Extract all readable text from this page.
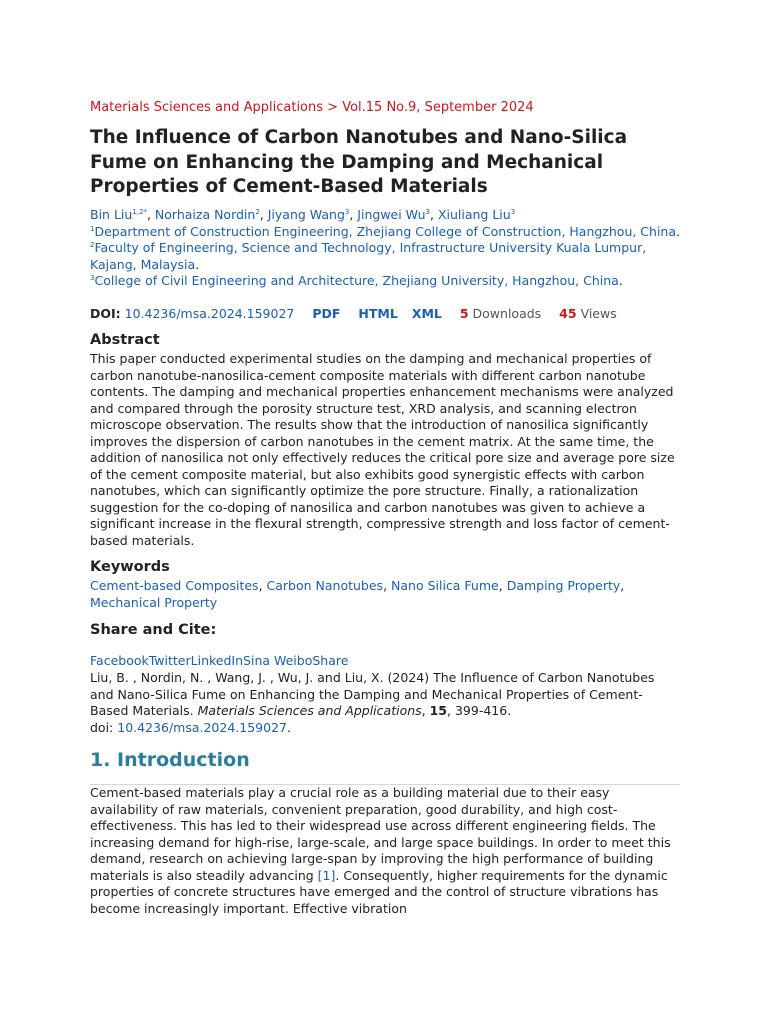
Materials Sciences and Applications > Vol.15 No.9, September 2024
The Influence of Carbon Nanotubes and Nano-Silica Fume on Enhancing the Damping and Mechanical Properties of Cement-Based Materials
Bin Liu$^{1,2*}$, Norhaiza Nordin$^2$, Jiyang Wang$^3$, Jingwei Wu$^3$, Xiuliang Liu$^3$
$^1$Department of Construction Engineering, Zhejiang College of Construction, Hangzhou, China.
$^2$Faculty of Engineering, Science and Technology, Infrastructure University Kuala Lumpur, Kajang, Malaysia.
$^3$College of Civil Engineering and Architecture, Zhejiang University, Hangzhou, China.
DOI: 10.4236/msa.2024.159027 PDF HTML XML 5 Downloads 45 Views
Abstract
This paper conducted experimental studies on the damping and mechanical properties of carbon nanotube-nanosilica-cement composite materials with different carbon nanotube contents. The damping and mechanical properties enhancement mechanisms were analyzed and compared through the porosity structure test, XRD analysis, and scanning electron microscope observation. The results show that the introduction of nanosilica significantly improves the dispersion of carbon nanotubes in the cement matrix. At the same time, the addition of nanosilica not only effectively reduces the critical pore size and average pore size of the cement composite material, but also exhibits good synergistic effects with carbon nanotubes, which can significantly optimize the pore structure. Finally, a rationalization suggestion for the co-doping of nanosilica and carbon nanotubes was given to achieve a significant increase in the flexural strength, compressive strength and loss factor of cement-based materials.
Keywords
Cement-based Composites, Carbon Nanotubes, Nano Silica Fume, Damping Property, Mechanical Property
Share and Cite:
FacebookTwitterLinkedInSina WeiboShare
Liu, B. , Nordin, N. , Wang, J. , Wu, J. and Liu, X. (2024) The Influence of Carbon Nanotubes and Nano-Silica Fume on Enhancing the Damping and Mechanical Properties of Cement-Based Materials. Materials Sciences and Applications, 15, 399-416.
doi: 10.4236/msa.2024.159027.
1. Introduction
Cement-based materials play a crucial role as a building material due to their easy availability of raw materials, convenient preparation, good durability, and high cost-effectiveness. This has led to their widespread use across different engineering fields. The increasing demand for high-rise, large-scale, and large space buildings. In order to meet this demand, research on achieving large-span by improving the high performance of building materials is also steadily advancing [1]. Consequently, higher requirements for the dynamic properties of concrete structures have emerged and the control of structure vibrations has become increasingly important. Effective vibration
